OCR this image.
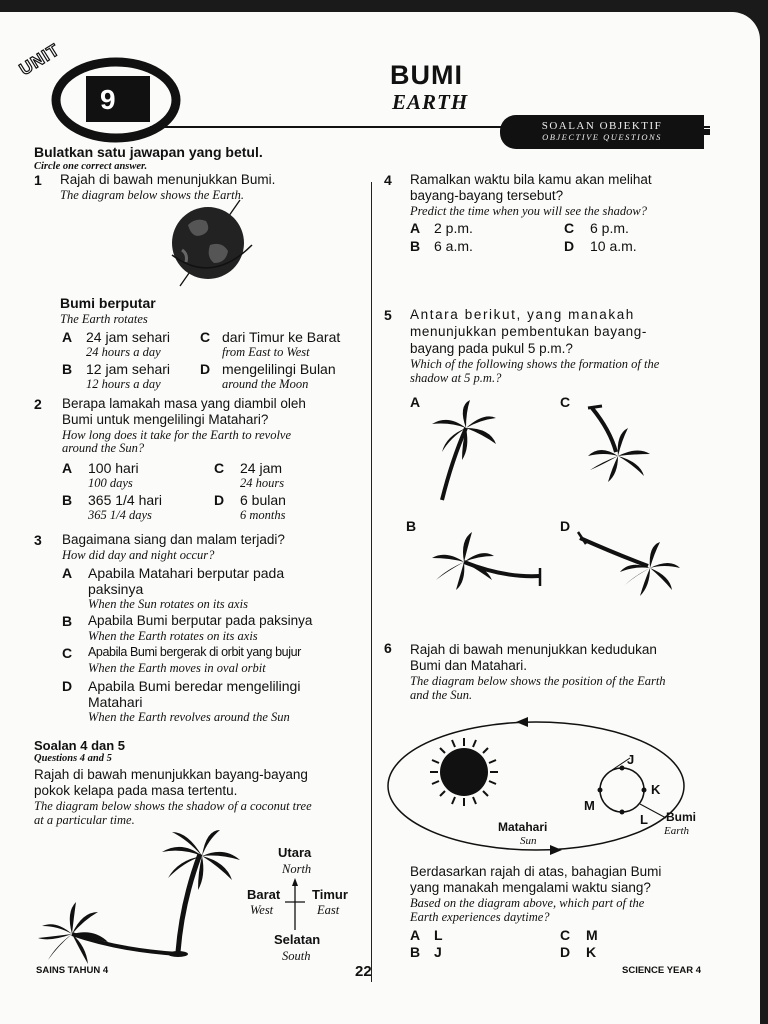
UNIT
9
BUMI
EARTH
SOALAN OBJEKTIF
OBJECTIVE QUESTIONS
Bulatkan satu jawapan yang betul.
Circle one correct answer.
1 Rajah di bawah menunjukkan Bumi.
The diagram below shows the Earth.
Bumi berputar
The Earth rotates
A 24 jam sehari
24 hours a day
B 12 jam sehari
12 hours a day
C dari Timur ke Barat
from East to West
D mengelilingi Bulan
around the Moon
2 Berapa lamakah masa yang diambil oleh
Bumi untuk mengelilingi Matahari?
How long does it take for the Earth to revolve
around the Sun?
A 100 hari
100 days
B 365 1/4 hari
365 1/4 days
C 24 jam
24 hours
D 6 bulan
6 months
3 Bagaimana siang dan malam terjadi?
How did day and night occur?
A Apabila Matahari berputar pada
paksinya
When the Sun rotates on its axis
B Apabila Bumi berputar pada paksinya
When the Earth rotates on its axis
C Apabila Bumi bergerak di orbit yang bujur
When the Earth moves in oval orbit
D Apabila Bumi beredar mengelilingi
Matahari
When the Earth revolves around the Sun
Soalan 4 dan 5
Questions 4 and 5
Rajah di bawah menunjukkan bayang-bayang
pokok kelapa pada masa tertentu.
The diagram below shows the shadow of a coconut tree
at a particular time.
Utara
North
Barat
West
Timur
East
Selatan
South
4 Ramalkan waktu bila kamu akan melihat
bayang-bayang tersebut?
Predict the time when you will see the shadow?
A 2 p.m.
B 6 a.m.
C 6 p.m.
D 10 a.m.
5 Antara berikut, yang manakah
menunjukkan pembentukan bayang-
bayang pada pukul 5 p.m.?
Which of the following shows the formation of the
shadow at 5 p.m.?
A	C
B	D
6 Rajah di bawah menunjukkan kedudukan
Bumi dan Matahari.
The diagram below shows the position of the Earth
and the Sun.
J
K
L
M
Matahari
Sun
Bumi
Earth
Berdasarkan rajah di atas, bahagian Bumi
yang manakah mengalami waktu siang?
Based on the diagram above, which part of the
Earth experiences daytime?
A L
B J
C M
D K
SAINS TAHUN 4	22	SCIENCE YEAR 4
